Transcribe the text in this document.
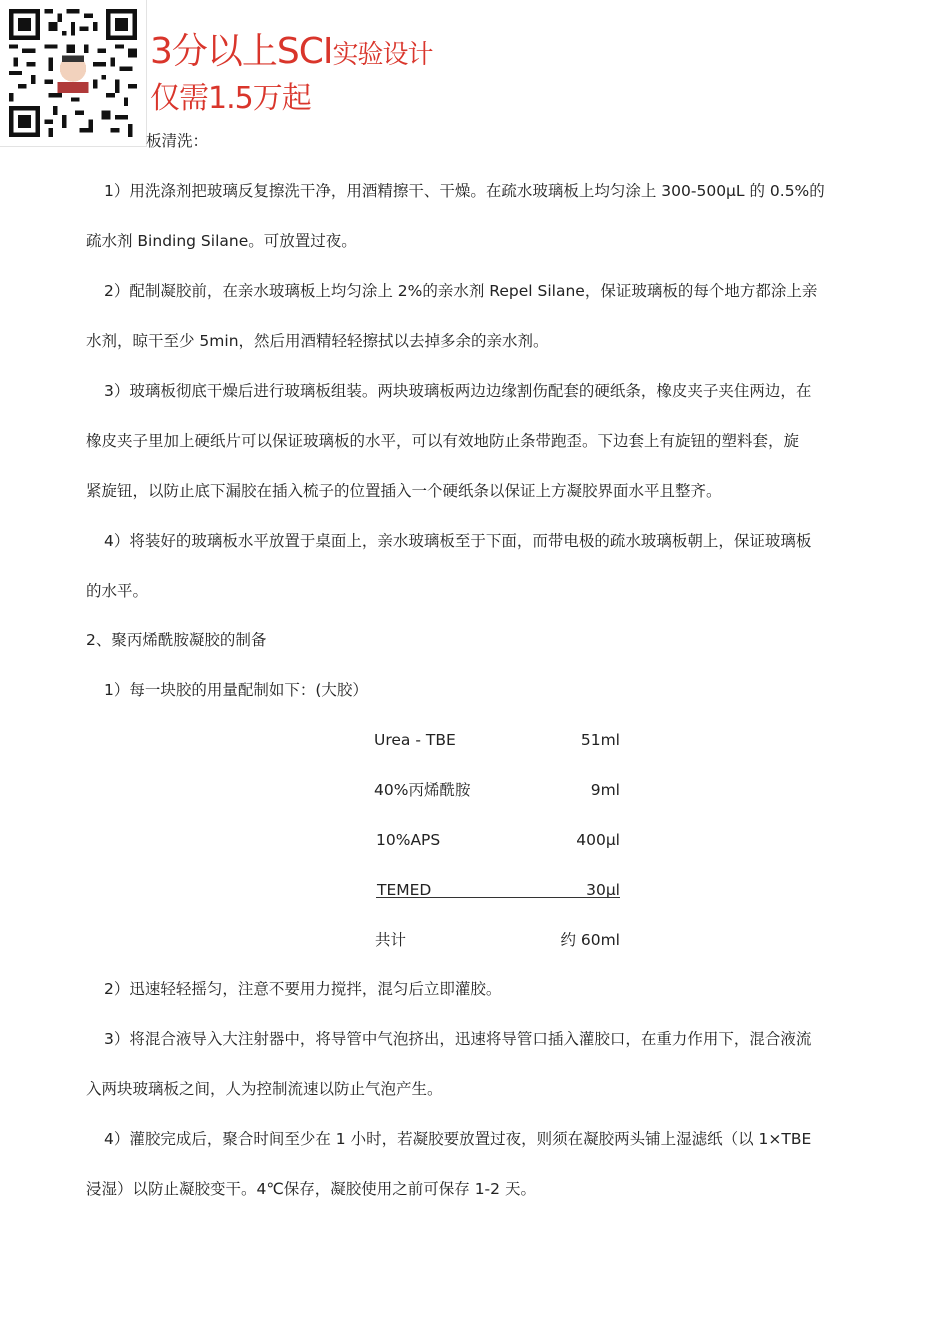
3分以上SCI实验设计
仅需1.5万起
板清洗：
1）用洗涤剂把玻璃反复擦洗干净，用酒精擦干、干燥。在疏水玻璃板上均匀涂上 300-500μL 的 0.5%的
疏水剂 Binding Silane。可放置过夜。
2）配制凝胶前，在亲水玻璃板上均匀涂上 2%的亲水剂 Repel Silane，保证玻璃板的每个地方都涂上亲
水剂，晾干至少 5min，然后用酒精轻轻擦拭以去掉多余的亲水剂。
3）玻璃板彻底干燥后进行玻璃板组装。两块玻璃板两边边缘割伤配套的硬纸条，橡皮夹子夹住两边，在
橡皮夹子里加上硬纸片可以保证玻璃板的水平，可以有效地防止条带跑歪。下边套上有旋钮的塑料套，旋
紧旋钮，以防止底下漏胶在插入梳子的位置插入一个硬纸条以保证上方凝胶界面水平且整齐。
4）将装好的玻璃板水平放置于桌面上，亲水玻璃板至于下面，而带电极的疏水玻璃板朝上，保证玻璃板
的水平。
2、聚丙烯酰胺凝胶的制备
1）每一块胶的用量配制如下：(大胶）
Urea - TBE	51ml
40%丙烯酰胺	9ml
10%APS	400μl
TEMED	30μl
共计	约 60ml
2）迅速轻轻摇匀，注意不要用力搅拌，混匀后立即灌胶。
3）将混合液导入大注射器中，将导管中气泡挤出，迅速将导管口插入灌胶口，在重力作用下，混合液流
入两块玻璃板之间，人为控制流速以防止气泡产生。
4）灌胶完成后，聚合时间至少在 1 小时，若凝胶要放置过夜，则须在凝胶两头铺上湿滤纸（以 1×TBE
浸湿）以防止凝胶变干。4℃保存，凝胶使用之前可保存 1-2 天。
